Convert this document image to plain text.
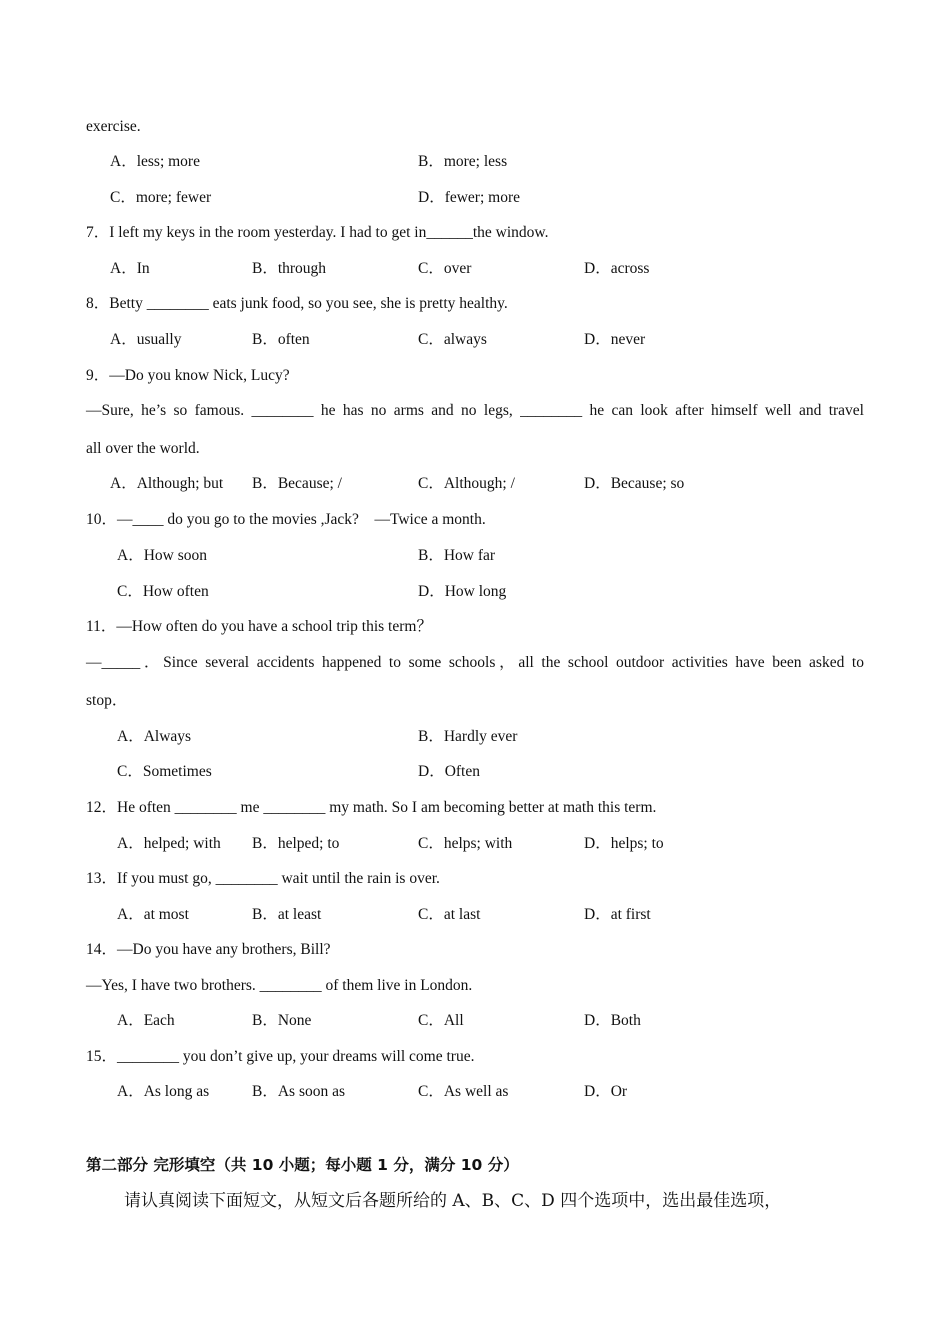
exercise.
A．less; more	B．more; less
C．more; fewer	D．fewer; more
7．I left my keys in the room yesterday. I had to get in______the window.
A．In	B．through	C．over	D．across
8．Betty ________ eats junk food, so you see, she is pretty healthy.
A．usually	B．often	C．always	D．never
9．—Do you know Nick, Lucy?
—Sure, he’s so famous. ________ he has no arms and no legs, ________ he can look after himself well and travel
all over the world.
A．Although; but B．Because; /	C．Although; /	D．Because; so
10．—____ do you go to the movies ,Jack?　—Twice a month.
A．How soon	B．How far
C．How often	D．How long
11．—How often do you have a school trip this term？
—_____．Since several accidents happened to some schools，all the school outdoor activities have been asked to
stop．
A．Always	B．Hardly ever
C．Sometimes	D．Often
12．He often ________ me ________ my math. So I am becoming better at math this term.
A．helped; with B．helped; to	C．helps; with	D．helps; to
13．If you must go, ________ wait until the rain is over.
A．at most	B．at least	C．at last	D．at first
14．—Do you have any brothers, Bill?
—Yes, I have two brothers. ________ of them live in London.
A．Each	B．None	C．All	D．Both
15．________ you don’t give up, your dreams will come true.
A．As long as	B．As soon as	C．As well as	D．Or
第二部分 完形填空（共 10 小题；每小题 1 分，满分 10 分）
请认真阅读下面短文，从短文后各题所给的 A、B、C、D 四个选项中，选出最佳选项，
